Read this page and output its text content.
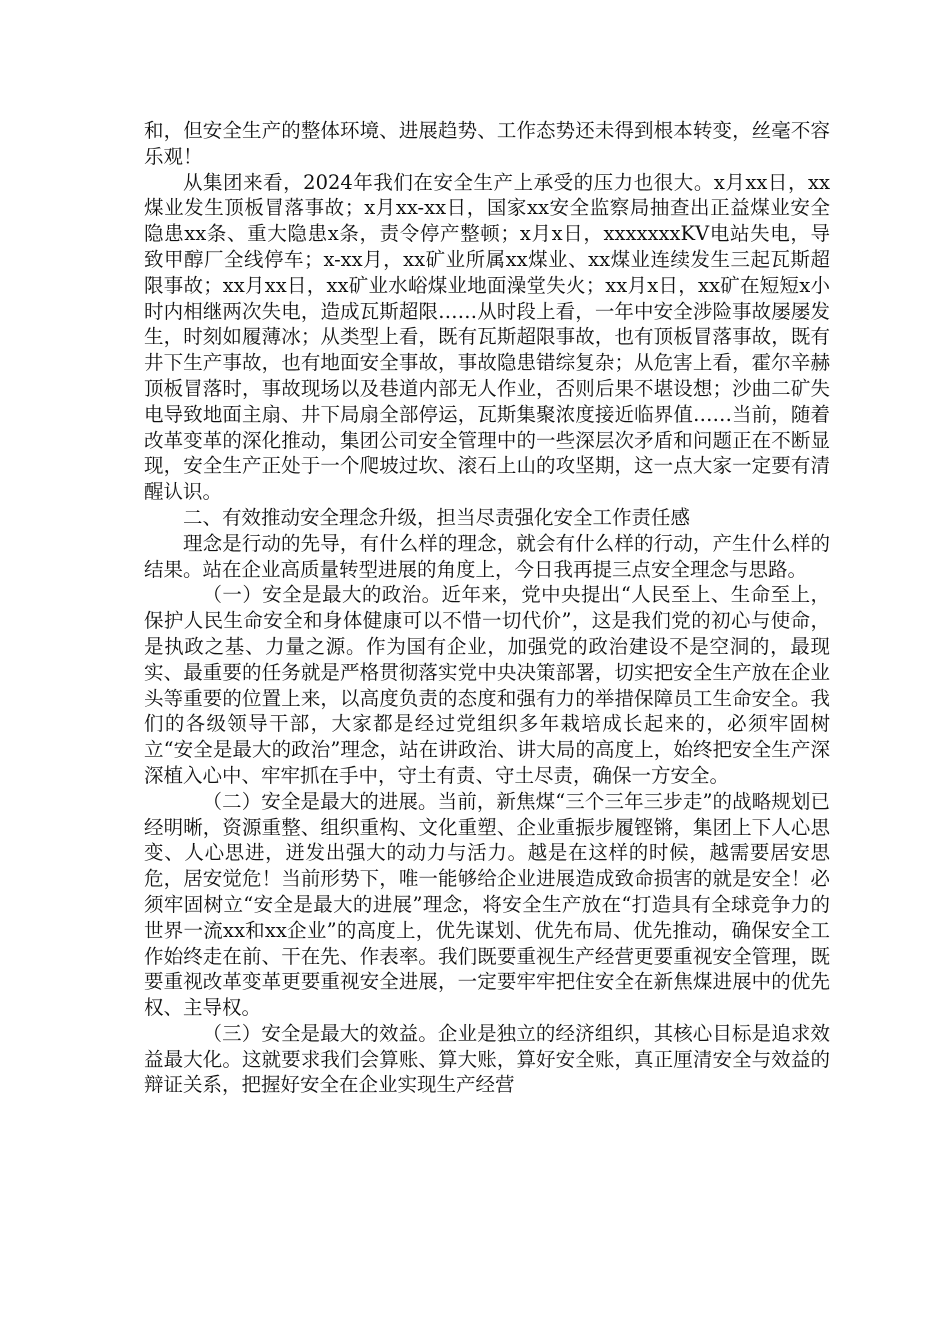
和，但安全生产的整体环境、进展趋势、工作态势还未得到根本转变，丝毫不容乐观！

从集团来看，2024年我们在安全生产上承受的压力也很大。x月xx日，xx煤业发生顶板冒落事故；x月xx-xx日，国家xx安全监察局抽查出正益煤业安全隐患xx条、重大隐患x条，责令停产整顿；x月x日，xxxxxxxKV电站失电，导致甲醇厂全线停车；x-xx月，xx矿业所属xx煤业、xx煤业连续发生三起瓦斯超限事故；xx月xx日，xx矿业水峪煤业地面澡堂失火；xx月x日，xx矿在短短x小时内相继两次失电，造成瓦斯超限……从时段上看，一年中安全涉险事故屡屡发生，时刻如履薄冰；从类型上看，既有瓦斯超限事故，也有顶板冒落事故，既有井下生产事故，也有地面安全事故，事故隐患错综复杂；从危害上看，霍尔辛赫顶板冒落时，事故现场以及巷道内部无人作业，否则后果不堪设想；沙曲二矿失电导致地面主扇、井下局扇全部停运，瓦斯集聚浓度接近临界值……当前，随着改革变革的深化推动，集团公司安全管理中的一些深层次矛盾和问题正在不断显现，安全生产正处于一个爬坡过坎、滚石上山的攻坚期，这一点大家一定要有清醒认识。

二、有效推动安全理念升级，担当尽责强化安全工作责任感

理念是行动的先导，有什么样的理念，就会有什么样的行动，产生什么样的结果。站在企业高质量转型进展的角度上，今日我再提三点安全理念与思路。

（一）安全是最大的政治。近年来，党中央提出“人民至上、生命至上，保护人民生命安全和身体健康可以不惜一切代价”，这是我们党的初心与使命，是执政之基、力量之源。作为国有企业，加强党的政治建设不是空洞的，最现实、最重要的任务就是严格贯彻落实党中央决策部署，切实把安全生产放在企业头等重要的位置上来，以高度负责的态度和强有力的举措保障员工生命安全。我们的各级领导干部，大家都是经过党组织多年栽培成长起来的，必须牢固树立“安全是最大的政治”理念，站在讲政治、讲大局的高度上，始终把安全生产深深植入心中、牢牢抓在手中，守土有责、守土尽责，确保一方安全。

（二）安全是最大的进展。当前，新焦煤“三个三年三步走”的战略规划已经明晰，资源重整、组织重构、文化重塑、企业重振步履铿锵，集团上下人心思变、人心思进，迸发出强大的动力与活力。越是在这样的时候，越需要居安思危，居安觉危！当前形势下，唯一能够给企业进展造成致命损害的就是安全！必须牢固树立“安全是最大的进展”理念，将安全生产放在“打造具有全球竞争力的世界一流xx和xx企业”的高度上，优先谋划、优先布局、优先推动，确保安全工作始终走在前、干在先、作表率。我们既要重视生产经营更要重视安全管理，既要重视改革变革更要重视安全进展，一定要牢牢把住安全在新焦煤进展中的优先权、主导权。

（三）安全是最大的效益。企业是独立的经济组织，其核心目标是追求效益最大化。这就要求我们会算账、算大账，算好安全账，真正厘清安全与效益的辩证关系，把握好安全在企业实现生产经营
